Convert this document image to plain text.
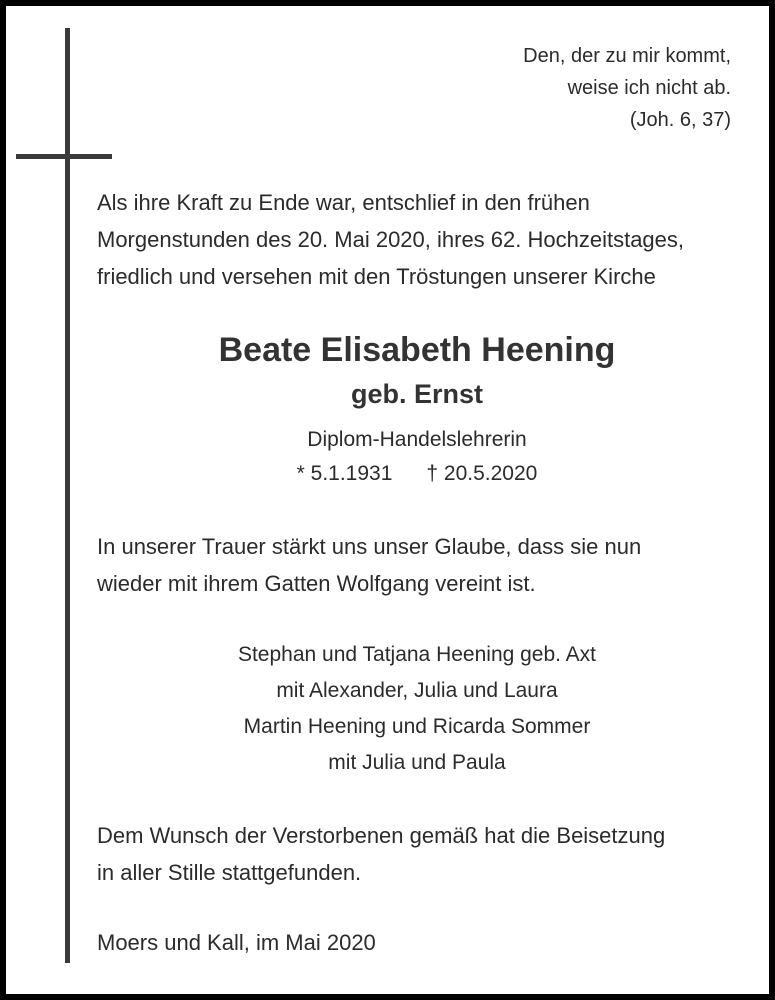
Den, der zu mir kommt,
weise ich nicht ab.
(Joh. 6, 37)
Als ihre Kraft zu Ende war, entschlief in den frühen
Morgenstunden des 20. Mai 2020, ihres 62. Hochzeitstages,
friedlich und versehen mit den Tröstungen unserer Kirche
Beate Elisabeth Heening
geb. Ernst
Diplom-Handelslehrerin
* 5.1.1931 † 20.5.2020
In unserer Trauer stärkt uns unser Glaube, dass sie nun
wieder mit ihrem Gatten Wolfgang vereint ist.
Stephan und Tatjana Heening geb. Axt
mit Alexander, Julia und Laura
Martin Heening und Ricarda Sommer
mit Julia und Paula
Dem Wunsch der Verstorbenen gemäß hat die Beisetzung
in aller Stille stattgefunden.
Moers und Kall, im Mai 2020
